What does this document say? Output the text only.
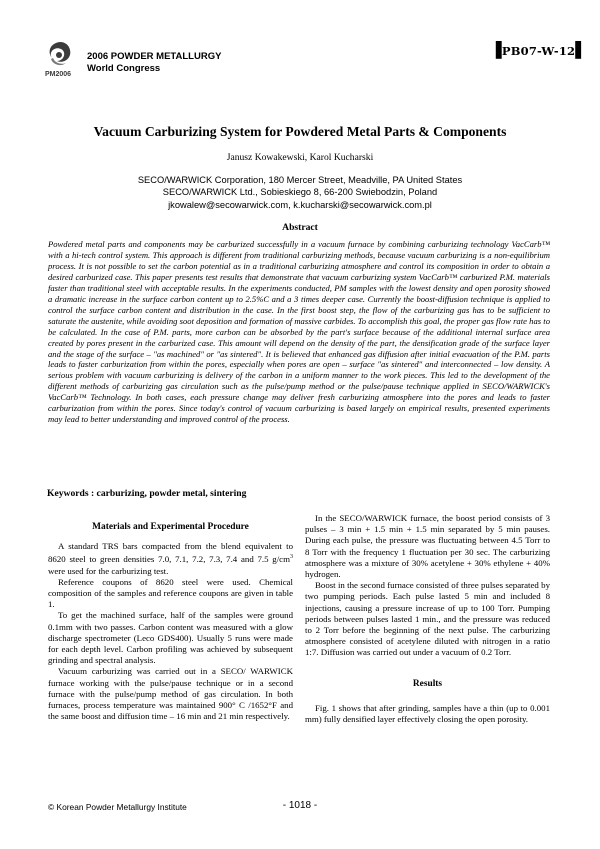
PM2006
2006 POWDER METALLURGY
World Congress
▐PB07-W-12▌
Vacuum Carburizing System for Powdered Metal Parts & Components
Janusz Kowakewski, Karol Kucharski
SECO/WARWICK Corporation, 180 Mercer Street, Meadville, PA United States
SECO/WARWICK Ltd., Sobieskiego 8, 66-200 Swiebodzin, Poland
jkowalew@secowarwick.com, k.kucharski@secowarwick.com.pl
Abstract
Powdered metal parts and components may be carburized successfully in a vacuum furnace by combining carburizing technology VacCarb™ with a hi-tech control system. This approach is different from traditional carburizing methods, because vacuum carburizing is a non-equilibrium process. It is not possible to set the carbon potential as in a traditional carburizing atmosphere and control its composition in order to obtain a desired carburized case. This paper presents test results that demonstrate that vacuum carburizing system VacCarb™ carburized P.M. materials faster than traditional steel with acceptable results. In the experiments conducted, PM samples with the lowest density and open porosity showed a dramatic increase in the surface carbon content up to 2.5%C and a 3 times deeper case. Currently the boost-diffusion technique is applied to control the surface carbon content and distribution in the case. In the first boost step, the flow of the carburizing gas has to be sufficient to saturate the austenite, while avoiding soot deposition and formation of massive carbides. To accomplish this goal, the proper gas flow rate has to be calculated. In the case of P.M. parts, more carbon can be absorbed by the part's surface because of the additional internal surface area created by pores present in the carburized case. This amount will depend on the density of the part, the densification grade of the surface layer and the stage of the surface – "as machined" or "as sintered". It is believed that enhanced gas diffusion after initial evacuation of the P.M. parts leads to faster carburization from within the pores, especially when pores are open – surface "as sintered" and interconnected – low density. A serious problem with vacuum carburizing is delivery of the carbon in a uniform manner to the work pieces. This led to the development of the different methods of carburizing gas circulation such as the pulse/pump method or the pulse/pause technique applied in SECO/WARWICK's VacCarb™ Technology. In both cases, each pressure change may deliver fresh carburizing atmosphere into the pores and leads to faster carburization from within the pores. Since today's control of vacuum carburizing is based largely on empirical results, presented experiments may lead to better understanding and improved control of the process.
Keywords : carburizing, powder metal, sintering

Materials and Experimental Procedure

A standard TRS bars compacted from the blend equivalent to 8620 steel to green densities 7.0, 7.1, 7.2, 7.3, 7.4 and 7.5 $g/cm^3$ were used for the carburizing test.

Reference coupons of 8620 steel were used. Chemical composition of the samples and reference coupons are given in table 1.

To get the machined surface, half of the samples were ground 0.1mm with two passes. Carbon content was measured with a glow discharge spectrometer (Leco GDS400). Usually 5 runs were made for each depth level. Carbon profiling was achieved by subsequent grinding and spectral analysis.

Vacuum carburizing was carried out in a SECO/ WARWICK furnace working with the pulse/pause technique or in a second furnace with the pulse/pump method of gas circulation. In both furnaces, process temperature was maintained 900° C /1652°F and the same boost and diffusion time – 16 min and 21 min respectively.

In the SECO/WARWICK furnace, the boost period consists of 3 pulses – 3 min + 1.5 min + 1.5 min separated by 5 min pauses. During each pulse, the pressure was fluctuating between 4.5 Torr to 8 Torr with the frequency 1 fluctuation per 30 sec. The carburizing atmosphere was a mixture of 30% acetylene + 30% ethylene + 40% hydrogen.

Boost in the second furnace consisted of three pulses separated by two pumping periods. Each pulse lasted 5 min and included 8 injections, causing a pressure increase of up to 100 Torr. Pumping periods between pulses lasted 1 min., and the pressure was reduced to 2 Torr before the beginning of the next pulse. The carburizing atmosphere consisted of acetylene diluted with nitrogen in a ratio 1:7. Diffusion was carried out under a vacuum of 0.2 Torr.

Results

Fig. 1 shows that after grinding, samples have a thin (up to 0.001 mm) fully densified layer effectively closing the open porosity.

© Korean Powder Metallurgy Institute	- 1018 -
